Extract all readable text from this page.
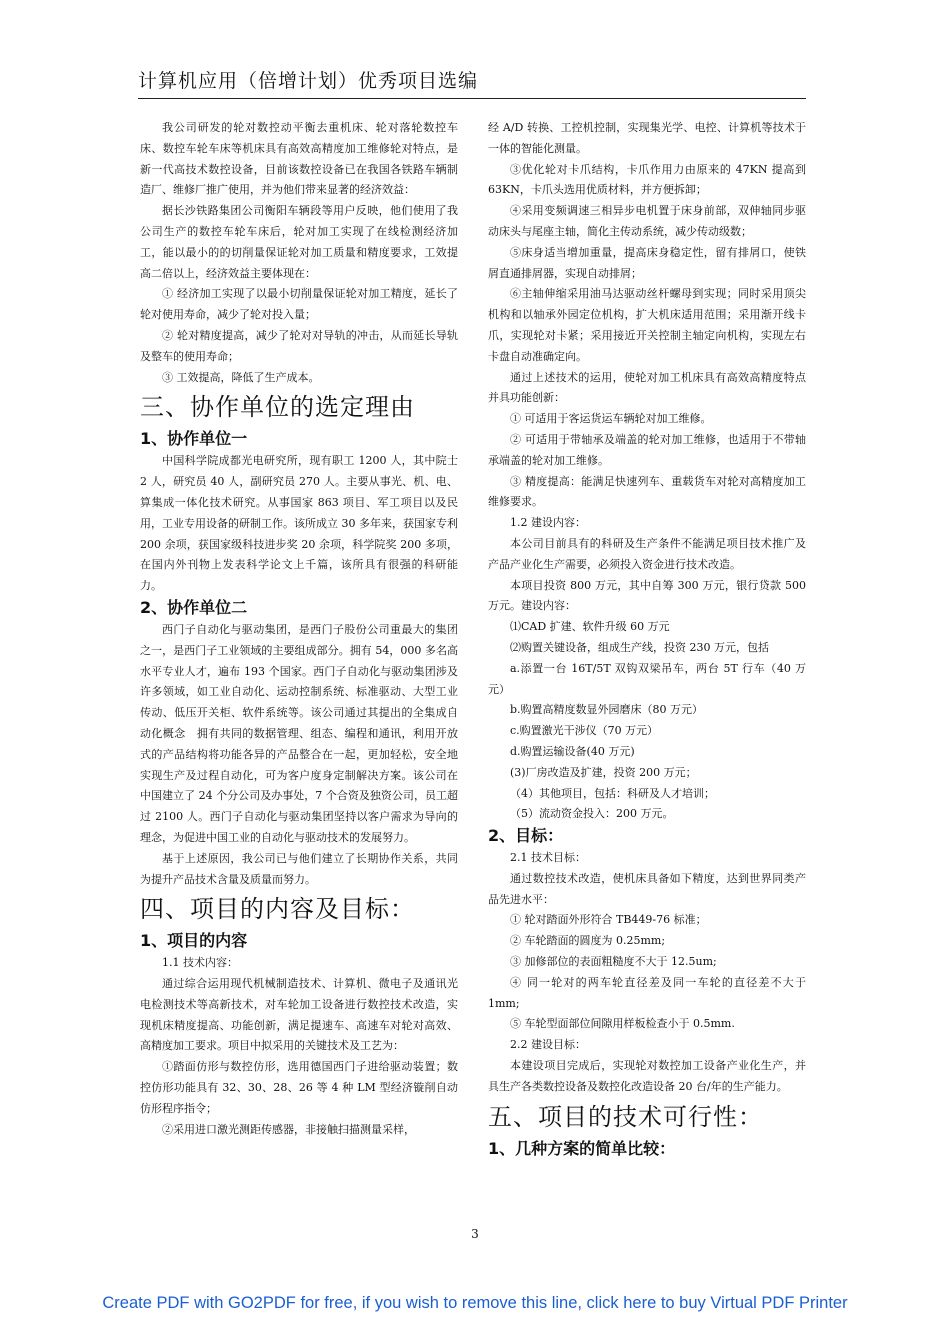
计算机应用（倍增计划）优秀项目选编

我公司研发的轮对数控动平衡去重机床、轮对落轮数控车床、数控车轮车床等机床具有高效高精度加工维修轮对特点，是新一代高技术数控设备，目前该数控设备已在我国各铁路车辆制造厂、维修厂推广使用，并为他们带来显著的经济效益：

据长沙铁路集团公司衡阳车辆段等用户反映，他们使用了我公司生产的数控车轮车床后，轮对加工实现了在线检测经济加工，能以最小的的切削量保证轮对加工质量和精度要求，工效提高二倍以上，经济效益主要体现在：

① 经济加工实现了以最小切削量保证轮对加工精度，延长了轮对使用寿命，减少了轮对投入量；

② 轮对精度提高，减少了轮对对导轨的冲击，从而延长导轨及整车的使用寿命；

③ 工效提高，降低了生产成本。

三、协作单位的选定理由
1、协作单位一

中国科学院成都光电研究所，现有职工 1200 人，其中院士 2 人，研究员 40 人，副研究员 270 人。主要从事光、机、电、算集成一体化技术研究。从事国家 863 项目、军工项目以及民用，工业专用设备的研制工作。该所成立 30 多年来，获国家专利 200 余项，获国家级科技进步奖 20 余项，科学院奖 200 多项，在国内外刊物上发表科学论文上千篇，该所具有很强的科研能力。

2、协作单位二

西门子自动化与驱动集团，是西门子股份公司重最大的集团之一，是西门子工业领域的主要组成部分。拥有 54，000 多名高水平专业人才，遍布 193 个国家。西门子自动化与驱动集团涉及许多领域，如工业自动化、运动控制系统、标准驱动、大型工业传动、低压开关柜、软件系统等。该公司通过其提出的全集成自动化概念　拥有共同的数据管理、组态、编程和通讯，利用开放式的产品结构将功能各异的产品整合在一起，更加轻松，安全地实现生产及过程自动化，可为客户度身定制解决方案。该公司在中国建立了 24 个分公司及办事处，7 个合资及独资公司，员工超过 2100 人。西门子自动化与驱动集团坚持以客户需求为导向的理念，为促进中国工业的自动化与驱动技术的发展努力。

基于上述原因，我公司已与他们建立了长期协作关系，共同为提升产品技术含量及质量而努力。

四、项目的内容及目标：
1、项目的内容

1.1 技术内容：

通过综合运用现代机械制造技术、计算机、微电子及通讯光电检测技术等高新技术，对车轮加工设备进行数控技术改造，实现机床精度提高、功能创新，满足提速车、高速车对轮对高效、高精度加工要求。项目中拟采用的关键技术及工艺为：

①踏面仿形与数控仿形，选用德国西门子进给驱动装置；数控仿形功能具有 32、30、28、26 等 4 种 LM 型经济镟削自动仿形程序指令；

②采用进口激光测距传感器，非接触扫描测量采样，

经 A/D 转换、工控机控制，实现集光学、电控、计算机等技术于一体的智能化测量。

③优化轮对卡爪结构，卡爪作用力由原来的 47KN 提高到 63KN，卡爪头选用优质材料，并方便拆卸；

④采用变频调速三相异步电机置于床身前部，双伸轴同步驱动床头与尾座主轴，简化主传动系统，减少传动级数；

⑤床身适当增加重量，提高床身稳定性，留有排屑口，使铁屑直通排屑器，实现自动排屑；

⑥主轴伸缩采用油马达驱动丝杆螺母到实现；同时采用顶尖机构和以轴承外园定位机构，扩大机床适用范围；采用渐开线卡爪，实现轮对卡紧；采用接近开关控制主轴定向机构，实现左右卡盘自动准确定向。

通过上述技术的运用，使轮对加工机床具有高效高精度特点并具功能创新：

① 可适用于客运货运车辆轮对加工维修。

② 可适用于带轴承及端盖的轮对加工维修，也适用于不带轴承端盖的轮对加工维修。

③ 精度提高：能满足快速列车、重载货车对轮对高精度加工维修要求。

1.2 建设内容：

本公司目前具有的科研及生产条件不能满足项目技术推广及产品产业化生产需要，必须投入资金进行技术改造。

本项目投资 800 万元，其中自筹 300 万元，银行贷款 500 万元。建设内容：

⑴CAD 扩建、软件升级 60 万元

⑵购置关键设备，组成生产线，投资 230 万元，包括

a.添置一台 16T/5T 双钩双梁吊车，两台 5T 行车（40 万元）

b.购置高精度数显外园磨床（80 万元）

c.购置激光干涉仪（70 万元）

d.购置运输设备(40 万元)

(3)厂房改造及扩建，投资 200 万元；

（4）其他项目，包括：科研及人才培训；

（5）流动资金投入：200 万元。

2、目标：

2.1 技术目标：

通过数控技术改造，使机床具备如下精度，达到世界同类产品先进水平：

① 轮对踏面外形符合 TB449-76 标准；

② 车轮踏面的圆度为 0.25mm;

③ 加修部位的表面粗糙度不大于 12.5um;

④ 同一轮对的两车轮直径差及同一车轮的直径差不大于 1mm;

⑤ 车轮型面部位间隙用样板检查小于 0.5mm.

2.2 建设目标：

本建设项目完成后，实现轮对数控加工设备产业化生产，并具生产各类数控设备及数控化改造设备 20 台/年的生产能力。

五、项目的技术可行性：
1、几种方案的简单比较：
3
Create PDF with GO2PDF for free, if you wish to remove this line, click here to buy Virtual PDF Printer
